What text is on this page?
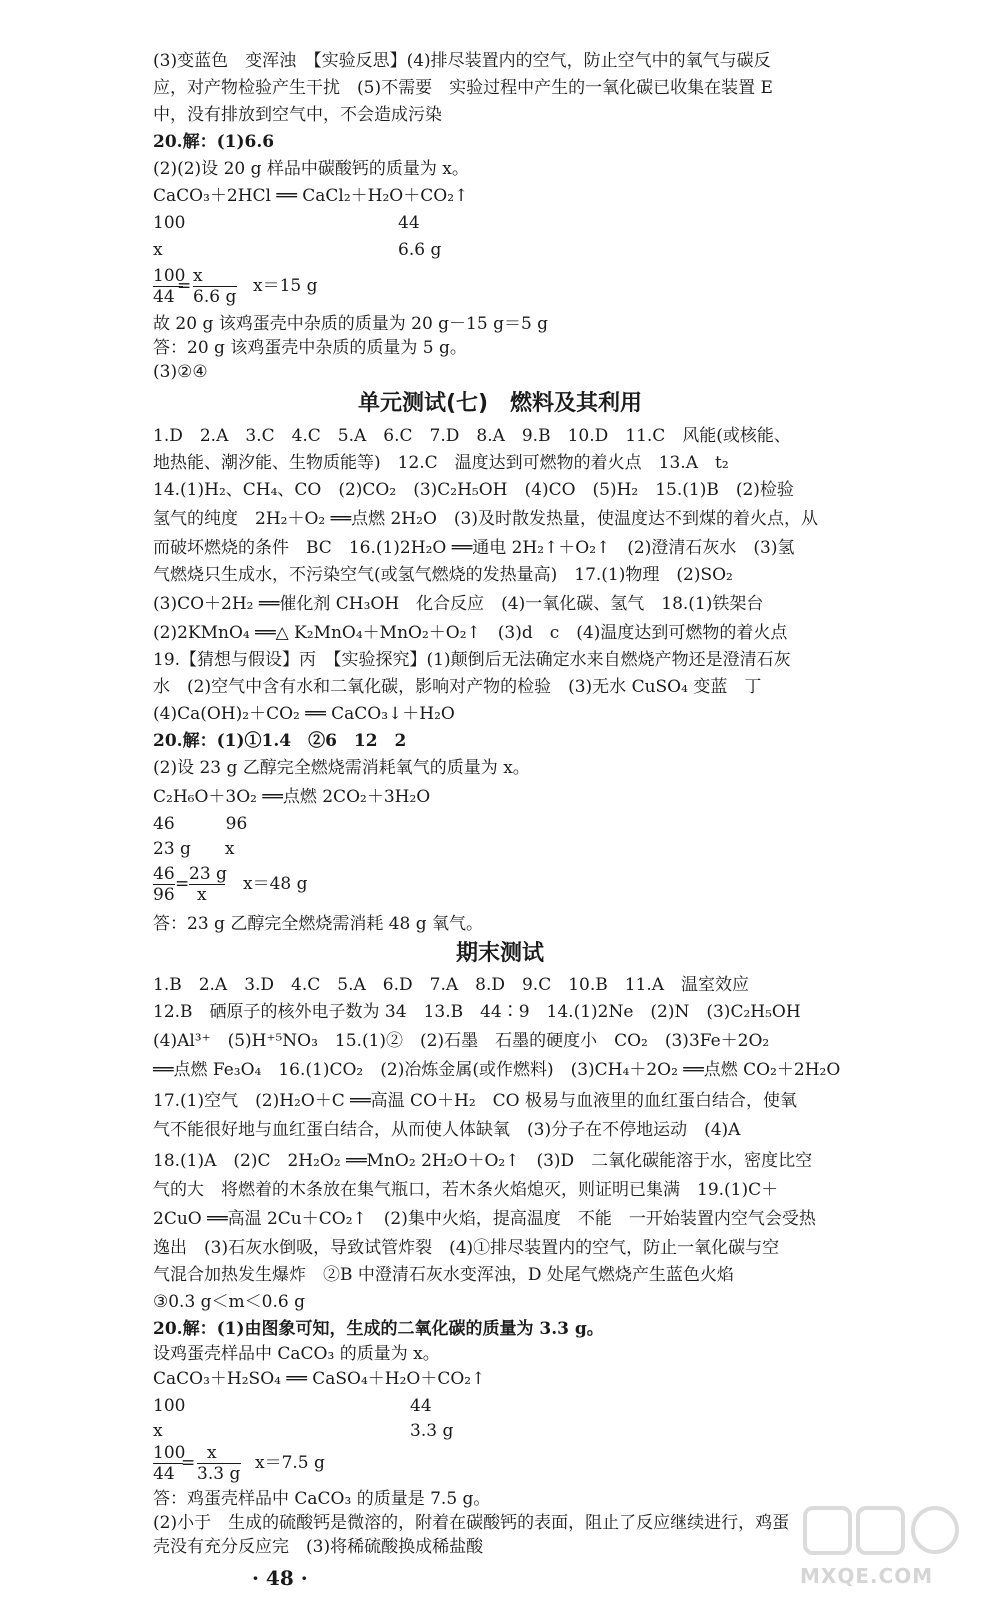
(3)变蓝色　变浑浊　【实验反思】(4)排尽装置内的空气，防止空气中的氧气与碳反
应，对产物检验产生干扰　(5)不需要　实验过程中产生的一氧化碳已收集在装置 E
中，没有排放到空气中，不会造成污染
20.解：(1)6.6
(2)(2)设 20 g 样品中碳酸钙的质量为 x。
CaCO₃＋2HCl ══ CaCl₂＋H₂O＋CO₂↑
100	44
x	6.6 g
100
44
x
6.6 g
x＝15 g
=
故 20 g 该鸡蛋壳中杂质的质量为 20 g－15 g＝5 g
答：20 g 该鸡蛋壳中杂质的质量为 5 g。
(3)②④
单元测试(七)　燃料及其利用
1.D　2.A　3.C　4.C　5.A　6.C　7.D　8.A　9.B　10.D　11.C　风能(或核能、
地热能、潮汐能、生物质能等)　12.C　温度达到可燃物的着火点　13.A　t₂
14.(1)H₂、CH₄、CO　(2)CO₂　(3)C₂H₅OH　(4)CO　(5)H₂　15.(1)B　(2)检验
氢气的纯度　2H₂＋O₂ ══点燃 2H₂O　(3)及时散发热量，使温度达不到煤的着火点，从
而破坏燃烧的条件　BC　16.(1)2H₂O ══通电 2H₂↑＋O₂↑　(2)澄清石灰水　(3)氢
气燃烧只生成水，不污染空气(或氢气燃烧的发热量高)　17.(1)物理　(2)SO₂
(3)CO＋2H₂ ══催化剂 CH₃OH　化合反应　(4)一氧化碳、氢气　18.(1)铁架台
(2)2KMnO₄ ══△ K₂MnO₄＋MnO₂＋O₂↑　(3)d　c　(4)温度达到可燃物的着火点
19.【猜想与假设】丙　【实验探究】(1)颠倒后无法确定水来自燃烧产物还是澄清石灰
水　(2)空气中含有水和二氧化碳，影响对产物的检验　(3)无水 CuSO₄ 变蓝　丁
(4)Ca(OH)₂＋CO₂ ══ CaCO₃↓＋H₂O
20.解：(1)①1.4　②6　12　2
(2)设 23 g 乙醇完全燃烧需消耗氧气的质量为 x。
C₂H₆O＋3O₂ ══点燃 2CO₂＋3H₂O
46　　　96
23 g　　x
46
96
23 g
x
x＝48 g
=
答：23 g 乙醇完全燃烧需消耗 48 g 氧气。
期末测试
1.B　2.A　3.D　4.C　5.A　6.D　7.A　8.D　9.C　10.B　11.A　温室效应
12.B　硒原子的核外电子数为 34　13.B　44∶9　14.(1)2Ne　(2)N　(3)C₂H₅OH
(4)Al³⁺　(5)H⁺⁵NO₃　15.(1)②　(2)石墨　石墨的硬度小　CO₂　(3)3Fe＋2O₂
══点燃 Fe₃O₄　16.(1)CO₂　(2)冶炼金属(或作燃料)　(3)CH₄＋2O₂ ══点燃 CO₂＋2H₂O
17.(1)空气　(2)H₂O＋C ══高温 CO＋H₂　CO 极易与血液里的血红蛋白结合，使氧
气不能很好地与血红蛋白结合，从而使人体缺氧　(3)分子在不停地运动　(4)A
18.(1)A　(2)C　2H₂O₂ ══MnO₂ 2H₂O＋O₂↑　(3)D　二氧化碳能溶于水，密度比空
气的大　将燃着的木条放在集气瓶口，若木条火焰熄灭，则证明已集满　19.(1)C＋
2CuO ══高温 2Cu＋CO₂↑　(2)集中火焰，提高温度　不能　一开始装置内空气会受热
逸出　(3)石灰水倒吸，导致试管炸裂　(4)①排尽装置内的空气，防止一氧化碳与空
气混合加热发生爆炸　②B 中澄清石灰水变浑浊，D 处尾气燃烧产生蓝色火焰
③0.3 g＜m＜0.6 g
20.解：(1)由图象可知，生成的二氧化碳的质量为 3.3 g。
设鸡蛋壳样品中 CaCO₃ 的质量为 x。
CaCO₃＋H₂SO₄ ══ CaSO₄＋H₂O＋CO₂↑
100	44
x	3.3 g
100
44
x
3.3 g
x＝7.5 g
=
答：鸡蛋壳样品中 CaCO₃ 的质量是 7.5 g。
(2)小于　生成的硫酸钙是微溶的，附着在碳酸钙的表面，阻止了反应继续进行，鸡蛋
壳没有充分反应完　(3)将稀硫酸换成稀盐酸
· 48 ·	MXQE.COM
